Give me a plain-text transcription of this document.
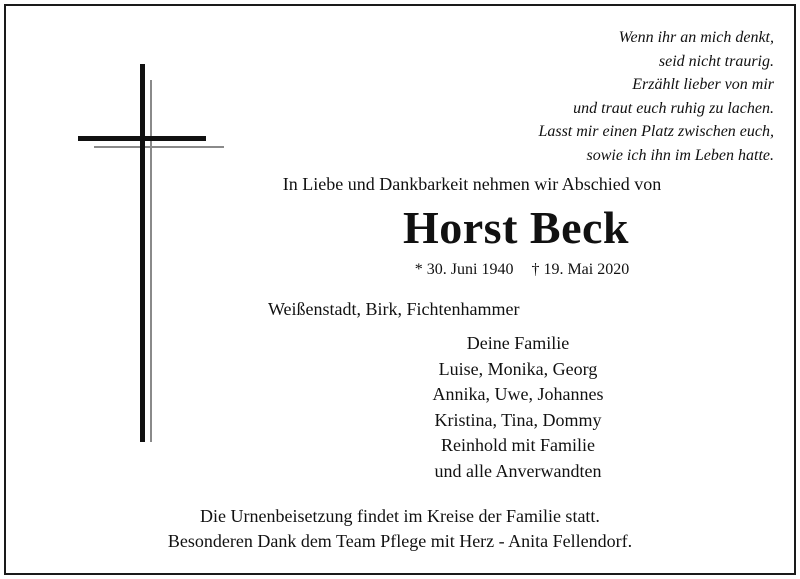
Wenn ihr an mich denkt,
seid nicht traurig.
Erzählt lieber von mir
und traut euch ruhig zu lachen.
Lasst mir einen Platz zwischen euch,
sowie ich ihn im Leben hatte.
In Liebe und Dankbarkeit nehmen wir Abschied von
Horst Beck
* 30. Juni 1940 † 19. Mai 2020
Weißenstadt, Birk, Fichtenhammer
Deine Familie
Luise, Monika, Georg
Annika, Uwe, Johannes
Kristina, Tina, Dommy
Reinhold mit Familie
und alle Anverwandten
Die Urnenbeisetzung findet im Kreise der Familie statt.
Besonderen Dank dem Team Pflege mit Herz - Anita Fellendorf.
